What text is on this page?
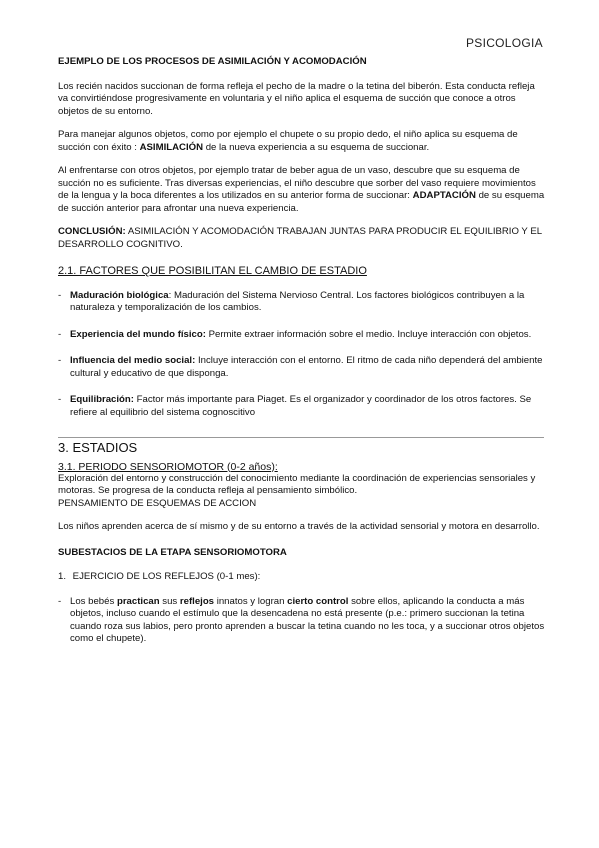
PSICOLOGIA

EJEMPLO DE LOS PROCESOS DE ASIMILACIÓN Y ACOMODACIÓN

Los recién nacidos succionan de forma refleja el pecho de la madre o la tetina del biberón. Esta conducta refleja va convirtiéndose progresivamente en voluntaria y el niño aplica el esquema de succión que conoce a otros objetos de su entorno.

Para manejar algunos objetos, como por ejemplo el chupete o su propio dedo, el niño aplica su esquema de succión con éxito : ASIMILACIÓN de la nueva experiencia a su esquema de succionar.

Al enfrentarse con otros objetos, por ejemplo tratar de beber agua de un vaso, descubre que su esquema de succión no es suficiente. Tras diversas experiencias, el niño descubre que sorber del vaso requiere movimientos de la lengua y la boca diferentes a los utilizados en su anterior forma de succionar: ADAPTACIÓN de su esquema de succión anterior para afrontar una nueva experiencia.

CONCLUSIÓN: ASIMILACIÓN Y ACOMODACIÓN TRABAJAN JUNTAS PARA PRODUCIR EL EQUILIBRIO Y EL DESARROLLO COGNITIVO.

2.1. FACTORES QUE POSIBILITAN EL CAMBIO DE ESTADIO
- Maduración biológica: Maduración del Sistema Nervioso Central. Los factores biológicos contribuyen a la naturaleza y temporalización de los cambios.
- Experiencia del mundo físico: Permite extraer información sobre el medio. Incluye interacción con objetos.
- Influencia del medio social: Incluye interacción con el entorno. El ritmo de cada niño dependerá del ambiente cultural y educativo de que disponga.
- Equilibración: Factor más importante para Piaget. Es el organizador y coordinador de los otros factores. Se refiere al equilibrio del sistema cognoscitivo
3. ESTADIOS
3.1. PERIODO SENSORIOMOTOR (0-2 años):

Exploración del entorno y construcción del conocimiento mediante la coordinación de experiencias sensoriales y motoras. Se progresa de la conducta refleja al pensamiento simbólico.

PENSAMIENTO DE ESQUEMAS DE ACCION

Los niños aprenden acerca de sí mismo y de su entorno a través de la actividad sensorial y motora en desarrollo.

SUBESTACIOS DE LA ETAPA SENSORIOMOTORA

1. EJERCICIO DE LOS REFLEJOS (0-1 mes):

- Los bebés practican sus reflejos innatos y logran cierto control sobre ellos, aplicando la conducta a más objetos, incluso cuando el estímulo que la desencadena no está presente (p.e.: primero succionan la tetina cuando roza sus labios, pero pronto aprenden a buscar la tetina cuando no les toca, y a succionar otros objetos como el chupete).
